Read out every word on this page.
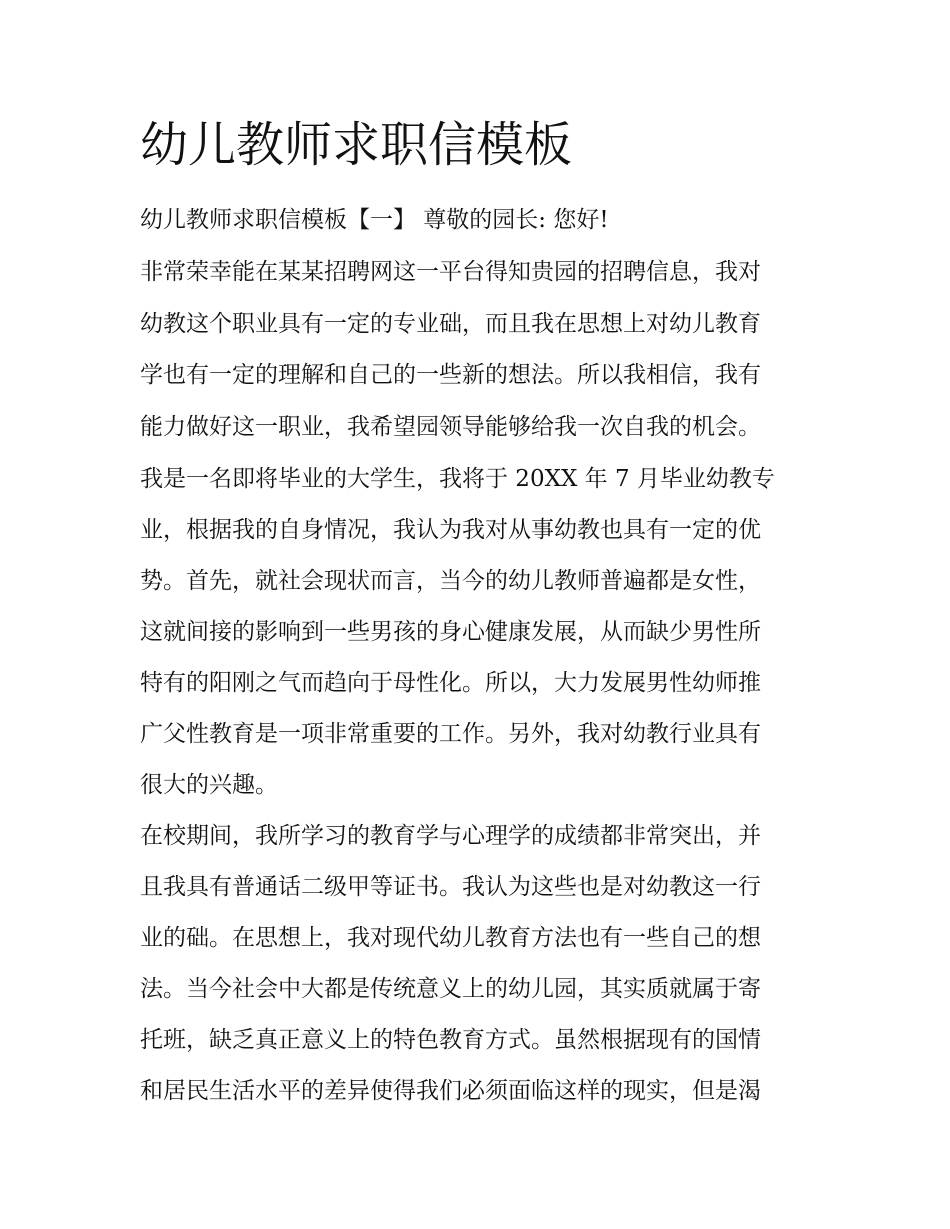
幼儿教师求职信模板

幼儿教师求职信模板【一】 尊敬的园长: 您好!

非常荣幸能在某某招聘网这一平台得知贵园的招聘信息，我对

幼教这个职业具有一定的专业础，而且我在思想上对幼儿教育

学也有一定的理解和自己的一些新的想法。所以我相信，我有

能力做好这一职业，我希望园领导能够给我一次自我的机会。

我是一名即将毕业的大学生，我将于 20XX 年 7 月毕业幼教专

业，根据我的自身情况，我认为我对从事幼教也具有一定的优

势。首先，就社会现状而言，当今的幼儿教师普遍都是女性，

这就间接的影响到一些男孩的身心健康发展，从而缺少男性所

特有的阳刚之气而趋向于母性化。所以，大力发展男性幼师推

广父性教育是一项非常重要的工作。另外，我对幼教行业具有

很大的兴趣。

在校期间，我所学习的教育学与心理学的成绩都非常突出，并

且我具有普通话二级甲等证书。我认为这些也是对幼教这一行

业的础。在思想上，我对现代幼儿教育方法也有一些自己的想

法。当今社会中大都是传统意义上的幼儿园，其实质就属于寄

托班，缺乏真正意义上的特色教育方式。虽然根据现有的国情

和居民生活水平的差异使得我们必须面临这样的现实，但是渴
